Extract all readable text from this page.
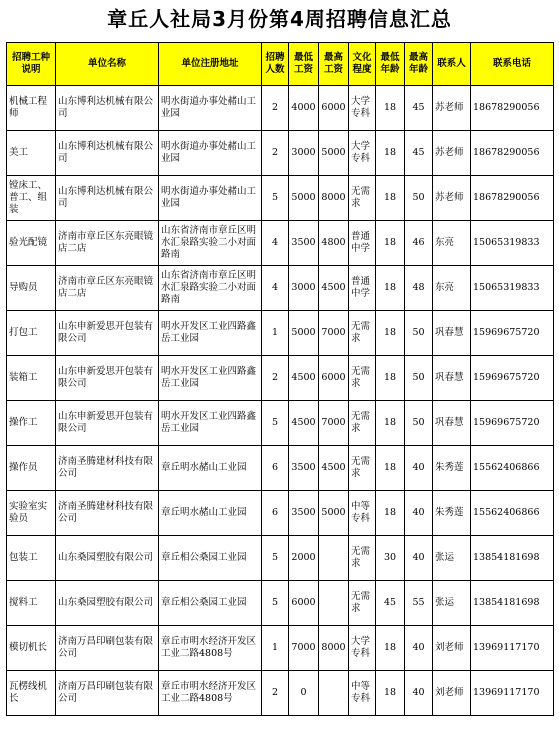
章丘人社局3月份第4周招聘信息汇总
招聘工种说明	单位名称	单位注册地址	招聘人数	最低工资	最高工资	文化程度	最低年龄	最高年龄	联系人	联系电话
机械工程师	山东博利达机械有限公司	明水街道办事处赭山工业园	2	4000	6000	大学专科	18	45	苏老师	18678290056
美工	山东博利达机械有限公司	明水街道办事处赭山工业园	2	3000	5000	大学专科	18	45	苏老师	18678290056
镗床工、普工、组装	山东博利达机械有限公司	明水街道办事处赭山工业园	5	5000	8000	无需求	18	50	苏老师	18678290056
验光配镜	济南市章丘区东亮眼镜店二店	山东省济南市章丘区明水汇泉路实验二小对面路南	4	3500	4800	普通中学	18	46	东亮	15065319833
导购员	济南市章丘区东亮眼镜店二店	山东省济南市章丘区明水汇泉路实验二小对面路南	4	3000	4500	普通中学	18	48	东亮	15065319833
打包工	山东申新爱思开包装有限公司	明水开发区工业四路鑫岳工业园	1	5000	7000	无需求	18	50	巩春慧	15969675720
装箱工	山东申新爱思开包装有限公司	明水开发区工业四路鑫岳工业园	2	4500	6000	无需求	18	50	巩春慧	15969675720
操作工	山东申新爱思开包装有限公司	明水开发区工业四路鑫岳工业园	5	4500	7000	无需求	18	50	巩春慧	15969675720
操作员	济南圣腾建材科技有限公司	章丘明水赭山工业园	6	3500	4500	无需求	18	40	朱秀莲	15562406866
实验室实验员	济南圣腾建材科技有限公司	章丘明水赭山工业园	6	3500	5000	中等专科	18	40	朱秀莲	15562406866
包装工	山东桑园塑胶有限公司	章丘相公桑园工业园	5	2000		无需求	30	40	张运	13854181698
搅料工	山东桑园塑胶有限公司	章丘相公桑园工业园	5	6000		无需求	45	55	张运	13854181698
模切机长	济南万昌印刷包装有限公司	章丘市明水经济开发区工业二路4808号	1	7000	8000	大学专科	18	40	刘老师	13969117170
瓦楞线机长	济南万昌印刷包装有限公司	章丘市明水经济开发区工业二路4808号	2	0		中等专科	18	40	刘老师	13969117170
